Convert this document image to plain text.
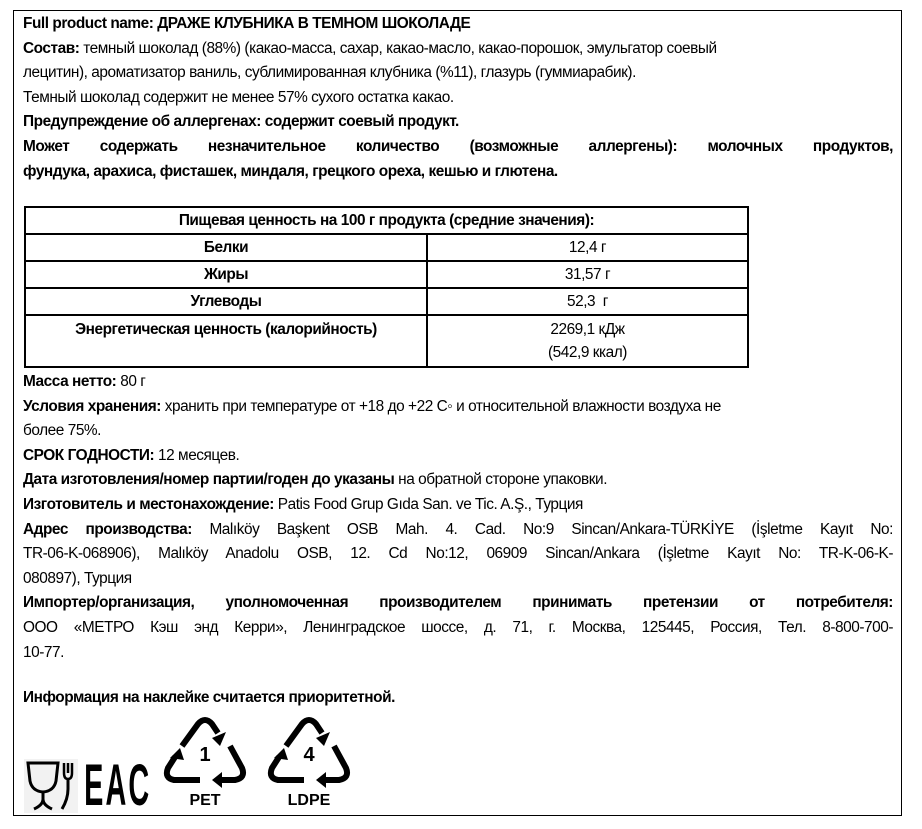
Full product name: ДРАЖЕ КЛУБНИКА В ТЕМНОМ ШОКОЛАДЕ
Состав: темный шоколад (88%) (какао-масса, сахар, какао-масло, какао-порошок, эмульгатор соевый
лецитин), ароматизатор ваниль, сублимированная клубника (%11), глазурь (гуммиарабик).
Темный шоколад содержит не менее 57% сухого остатка какао.
Предупреждение об аллергенах: содержит соевый продукт.
Может содержать незначительное количество (возможные аллергены): молочных продуктов,
фундука, арахиса, фисташек, миндаля, грецкого ореха, кешью и глютена.
Пищевая ценность на 100 г продукта (средние значения):	
Белки	12,4 г
Жиры	31,57 г
Углеводы	52,3  г
Энергетическая ценность (калорийность)	2269,1 кДж
(542,9 ккал)
Масса нетто: 80 г
Условия хранения: хранить при температуре от +18 до +22 С◦ и относительной влажности воздуха не
более 75%.
СРОК ГОДНОСТИ: 12 месяцев.
Дата изготовления/номер партии/годен до указаны на обратной стороне упаковки.
Изготовитель и местонахождение: Patis Food Grup Gıda San. ve Tic. A.Ş., Турция
Адрес производства: Malıköy Başkent OSB Mah. 4. Cad. No:9 Sincan/Ankara-TÜRKİYE (İşletme Kayıt No:
TR-06-K-068906), Malıköy Anadolu OSB, 12. Cd No:12, 06909 Sincan/Ankara (İşletme Kayıt No: TR-K-06-K-
080897), Турция
Импортер/организация, уполномоченная производителем принимать претензии от потребителя:
ООО «МЕТРО Кэш энд Керри», Ленинградское шоссе, д. 71, г. Москва, 125445, Россия, Тел. 8-800-700-
10-77.
Информация на наклейке считается приоритетной.
EAC	1
PET
4
LDPE
